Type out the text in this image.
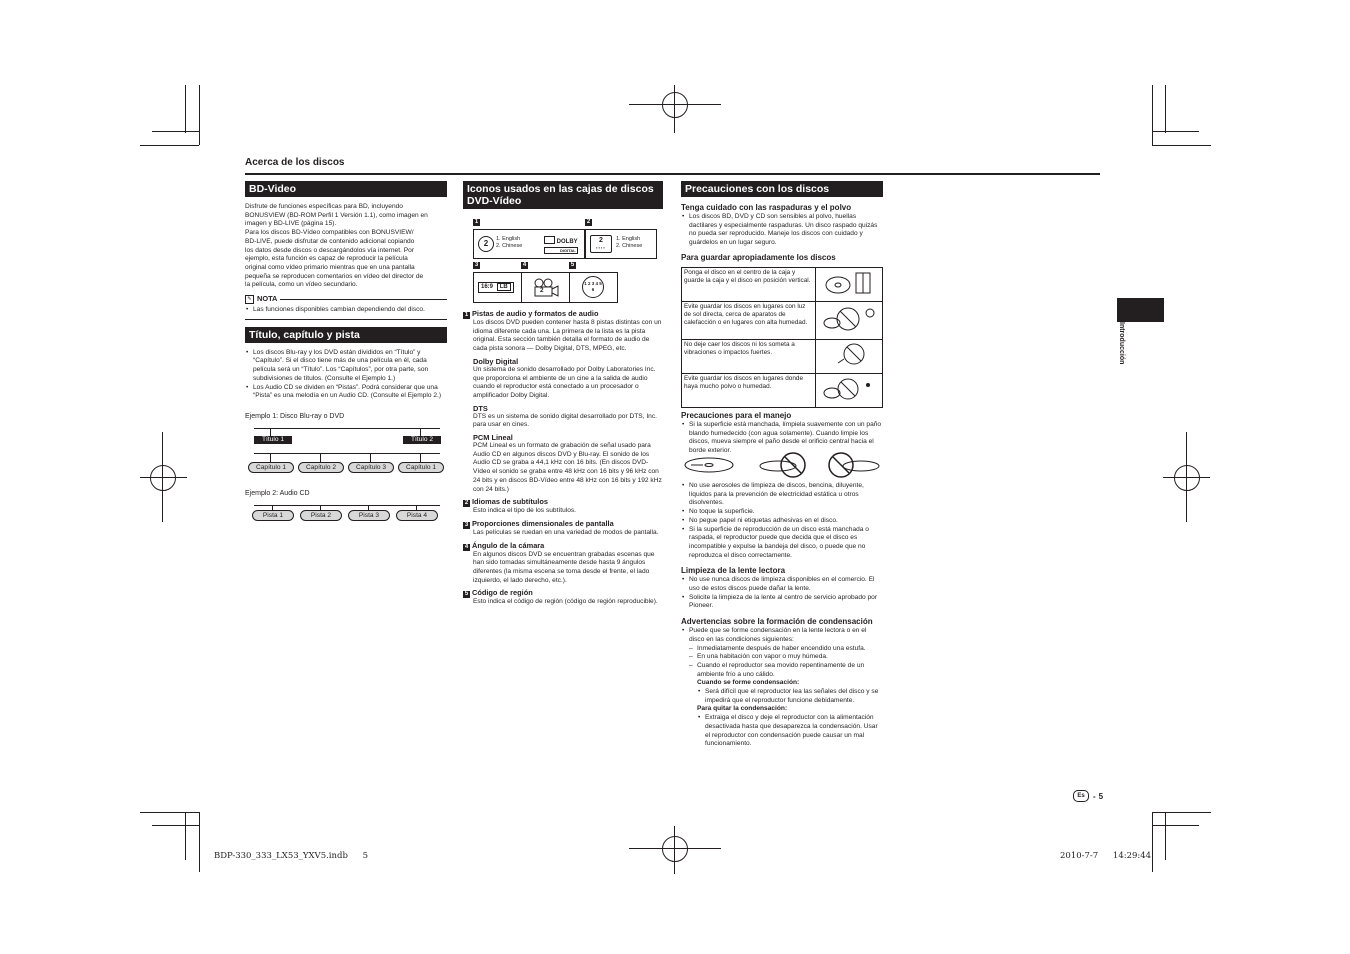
Acerca de los discos
BD-Video

Disfrute de funciones específicas para BD, incluyendo

BONUSVIEW (BD-ROM Perfil 1 Versión 1.1), como imagen en

imagen y BD-LIVE (página 15).

Para los discos BD-Vídeo compatibles con BONUSVIEW/

BD-LIVE, puede disfrutar de contenido adicional copiando

los datos desde discos o descargándolos vía internet. Por

ejemplo, esta función es capaz de reproducir la película

original como vídeo primario mientras que en una pantalla

pequeña se reproducen comentarios en vídeo del director de

la película, como un vídeo secundario.

✎ NOTA
• Las funciones disponibles cambian dependiendo del disco.
Título, capítulo y pista
• Los discos Blu-ray y los DVD están divididos en “Título” y “Capítulo”. Si el disco tiene más de una película en él, cada película será un “Título”. Los “Capítulos”, por otra parte, son subdivisiones de títulos. (Consulte el Ejemplo 1.)
• Los Audio CD se dividen en “Pistas”. Podrá considerar que una “Pista” es una melodía en un Audio CD. (Consulte el Ejemplo 2.)
Ejemplo 1: Disco Blu-ray o DVD
Título 1	Título 2
Capítulo 1	Capítulo 2	Capítulo 3	Capítulo 1
Ejemplo 2: Audio CD
Pista 1	Pista 2	Pista 3	Pista 4
Iconos usados en las cajas de discos DVD-Vídeo
1	2
2	1. English
2. Chinese
DOLBY
DIGITAL
2
▪▪▪▪
1. English
2. Chinese
3	4	5
16:9 LB	2
1 2 3 4 5 6
1 Pistas de audio y formatos de audio
Los discos DVD pueden contener hasta 8 pistas distintas con un idioma diferente cada una. La primera de la lista es la pista original. Esta sección también detalla el formato de audio de cada pista sonora — Dolby Digital, DTS, MPEG, etc.
Dolby Digital
Un sistema de sonido desarrollado por Dolby Laboratories Inc. que proporciona el ambiente de un cine a la salida de audio cuando el reproductor está conectado a un procesador o amplificador Dolby Digital.
DTS
DTS es un sistema de sonido digital desarrollado por DTS, Inc. para usar en cines.
PCM Lineal
PCM Lineal es un formato de grabación de señal usado para Audio CD en algunos discos DVD y Blu-ray. El sonido de los Audio CD se graba a 44,1 kHz con 16 bits. (En discos DVD-Vídeo el sonido se graba entre 48 kHz con 16 bits y 96 kHz con 24 bits y en discos BD-Vídeo entre 48 kHz con 16 bits y 192 kHz con 24 bits.)
2 Idiomas de subtítulos
Esto indica el tipo de los subtítulos.
3 Proporciones dimensionales de pantalla
Las películas se ruedan en una variedad de modos de pantalla.
4 Ángulo de la cámara
En algunos discos DVD se encuentran grabadas escenas que han sido tomadas simultáneamente desde hasta 9 ángulos diferentes (la misma escena se toma desde el frente, el lado izquierdo, el lado derecho, etc.).
5 Código de región
Esto indica el código de región (código de región reproducible).
Precauciones con los discos
Tenga cuidado con las raspaduras y el polvo
• Los discos BD, DVD y CD son sensibles al polvo, huellas dactilares y especialmente raspaduras. Un disco raspado quizás no pueda ser reproducido. Maneje los discos con cuidado y guárdelos en un lugar seguro.
Para guardar apropiadamente los discos
Ponga el disco en el centro de la caja y guarde la caja y el disco en posición vertical.	
Evite guardar los discos en lugares con luz de sol directa, cerca de aparatos de calefacción o en lugares con alta humedad.	
No deje caer los discos ni los someta a vibraciones o impactos fuertes.	
Evite guardar los discos en lugares donde haya mucho polvo o humedad.	
Precauciones para el manejo
• Si la superficie está manchada, límpiela suavemente con un paño blando humedecido (con agua solamente). Cuando limpie los discos, mueva siempre el paño desde el orificio central hacia el borde exterior.
• No use aerosoles de limpieza de discos, bencina, diluyente, líquidos para la prevención de electricidad estática u otros disolventes.
• No toque la superficie.
• No pegue papel ni etiquetas adhesivas en el disco.
• Si la superficie de reproducción de un disco está manchada o raspada, el reproductor puede que decida que el disco es incompatible y expulse la bandeja del disco, o puede que no reproduzca el disco correctamente.
Limpieza de la lente lectora
• No use nunca discos de limpieza disponibles en el comercio. El uso de estos discos puede dañar la lente.
• Solicite la limpieza de la lente al centro de servicio aprobado por Pioneer.
Advertencias sobre la formación de condensación
• Puede que se forme condensación en la lente lectora o en el disco en las condiciones siguientes:
– Inmediatamente después de haber encendido una estufa.
– En una habitación con vapor o muy húmeda.
– Cuando el reproductor sea movido repentinamente de un ambiente frío a uno cálido.
Cuando se forme condensación:
• Será difícil que el reproductor lea las señales del disco y se impedirá que el reproductor funcione debidamente.
Para quitar la condensación:
• Extraiga el disco y deje el reproductor con la alimentación desactivada hasta que desaparezca la condensación. Usar el reproductor con condensación puede causar un mal funcionamiento.
Introducción
Es	- 5
BDP-330_333_LX53_YXV5.indb 5	2010-7-7 14:29:44
